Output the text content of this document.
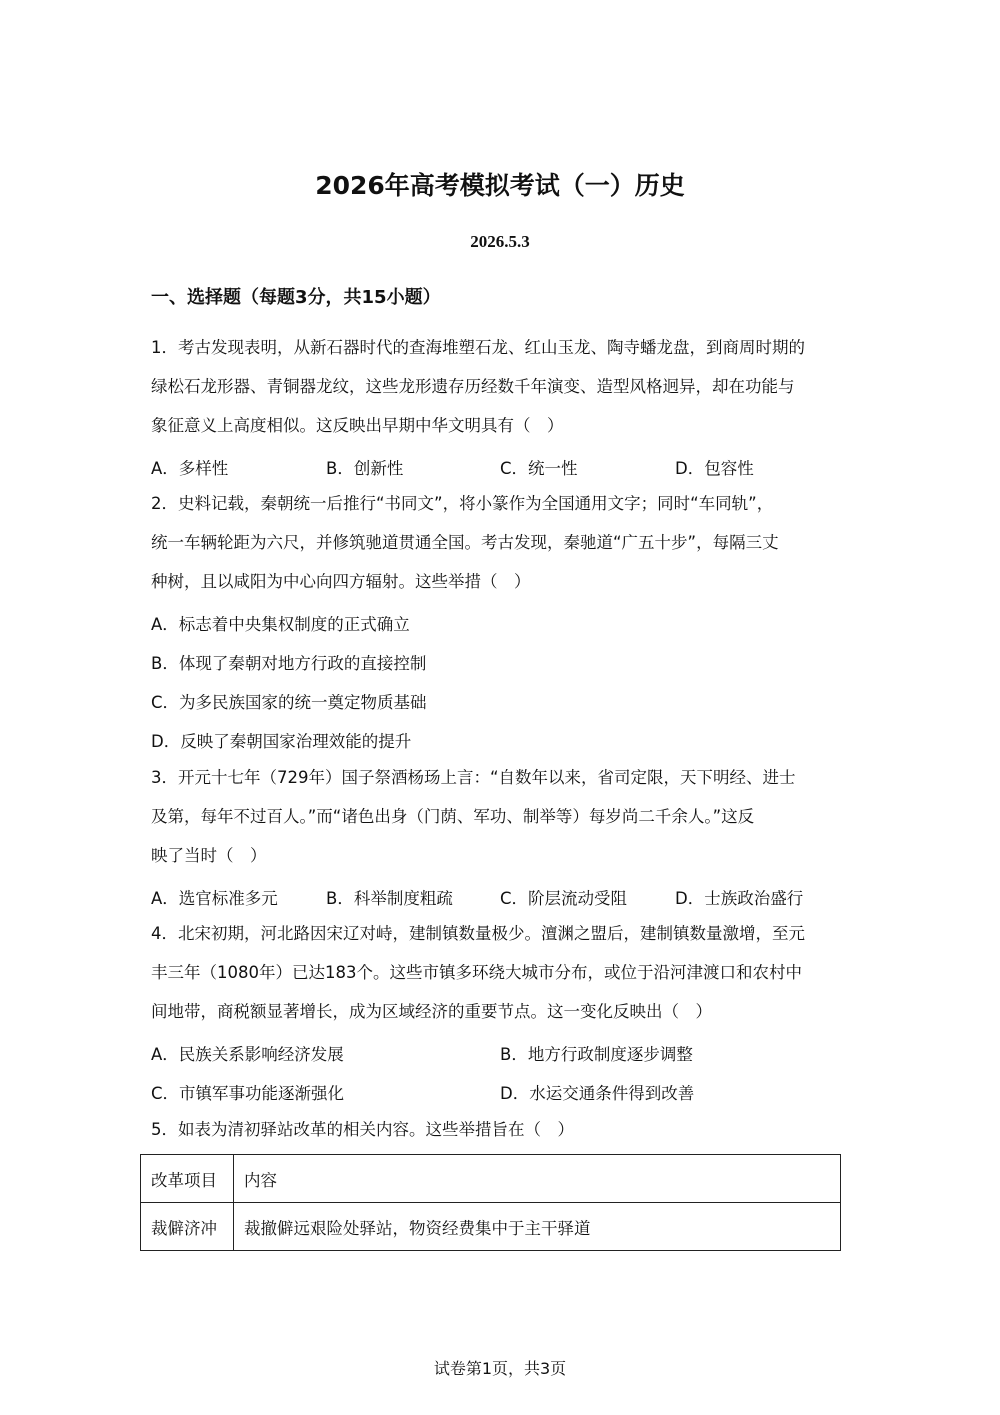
2026年高考模拟考试（一）历史
2026.5.3
一、选择题（每题3分，共15小题）
1．考古发现表明，从新石器时代的查海堆塑石龙、红山玉龙、陶寺蟠龙盘，到商周时期的
绿松石龙形器、青铜器龙纹，这些龙形遗存历经数千年演变、造型风格迥异，却在功能与
象征意义上高度相似。这反映出早期中华文明具有（　）
A．多样性	B．创新性	C．统一性	D．包容性
2．史料记载，秦朝统一后推行“书同文”，将小篆作为全国通用文字；同时“车同轨”，
统一车辆轮距为六尺，并修筑驰道贯通全国。考古发现，秦驰道“广五十步”，每隔三丈
种树，且以咸阳为中心向四方辐射。这些举措（　）
A．标志着中央集权制度的正式确立
B．体现了秦朝对地方行政的直接控制
C．为多民族国家的统一奠定物质基础
D．反映了秦朝国家治理效能的提升
3．开元十七年（729年）国子祭酒杨玚上言：“自数年以来，省司定限，天下明经、进士
及第，每年不过百人。”而“诸色出身（门荫、军功、制举等）每岁尚二千余人。”这反
映了当时（　）
A．选官标准多元	B．科举制度粗疏	C．阶层流动受阻	D．士族政治盛行
4．北宋初期，河北路因宋辽对峙，建制镇数量极少。澶渊之盟后，建制镇数量激增，至元
丰三年（1080年）已达183个。这些市镇多环绕大城市分布，或位于沿河津渡口和农村中
间地带，商税额显著增长，成为区域经济的重要节点。这一变化反映出（　）
A．民族关系影响经济发展	B．地方行政制度逐步调整
C．市镇军事功能逐渐强化	D．水运交通条件得到改善
5．如表为清初驿站改革的相关内容。这些举措旨在（　）
改革项目	内容
裁僻济冲	裁撤僻远艰险处驿站，物资经费集中于主干驿道
试卷第1页，共3页
